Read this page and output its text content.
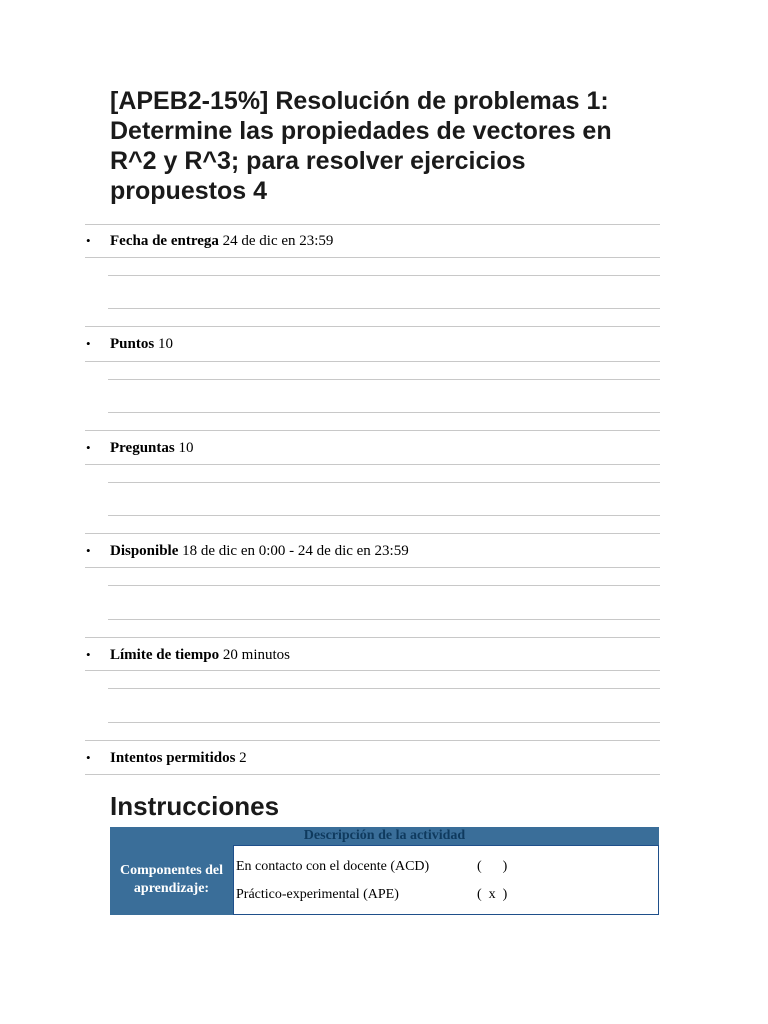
[APEB2-15%] Resolución de problemas 1: Determine las propiedades de vectores en R^2 y R^3; para resolver ejercicios propuestos 4
• Fecha de entrega 24 de dic en 23:59
• Puntos 10
• Preguntas 10
• Disponible 18 de dic en 0:00 - 24 de dic en 23:59
• Límite de tiempo 20 minutos
• Intentos permitidos 2
Instrucciones
Descripción de la actividad
Componentes del aprendizaje:
En contacto con el docente (ACD)	(      )
Práctico-experimental (APE)	(  x  )
